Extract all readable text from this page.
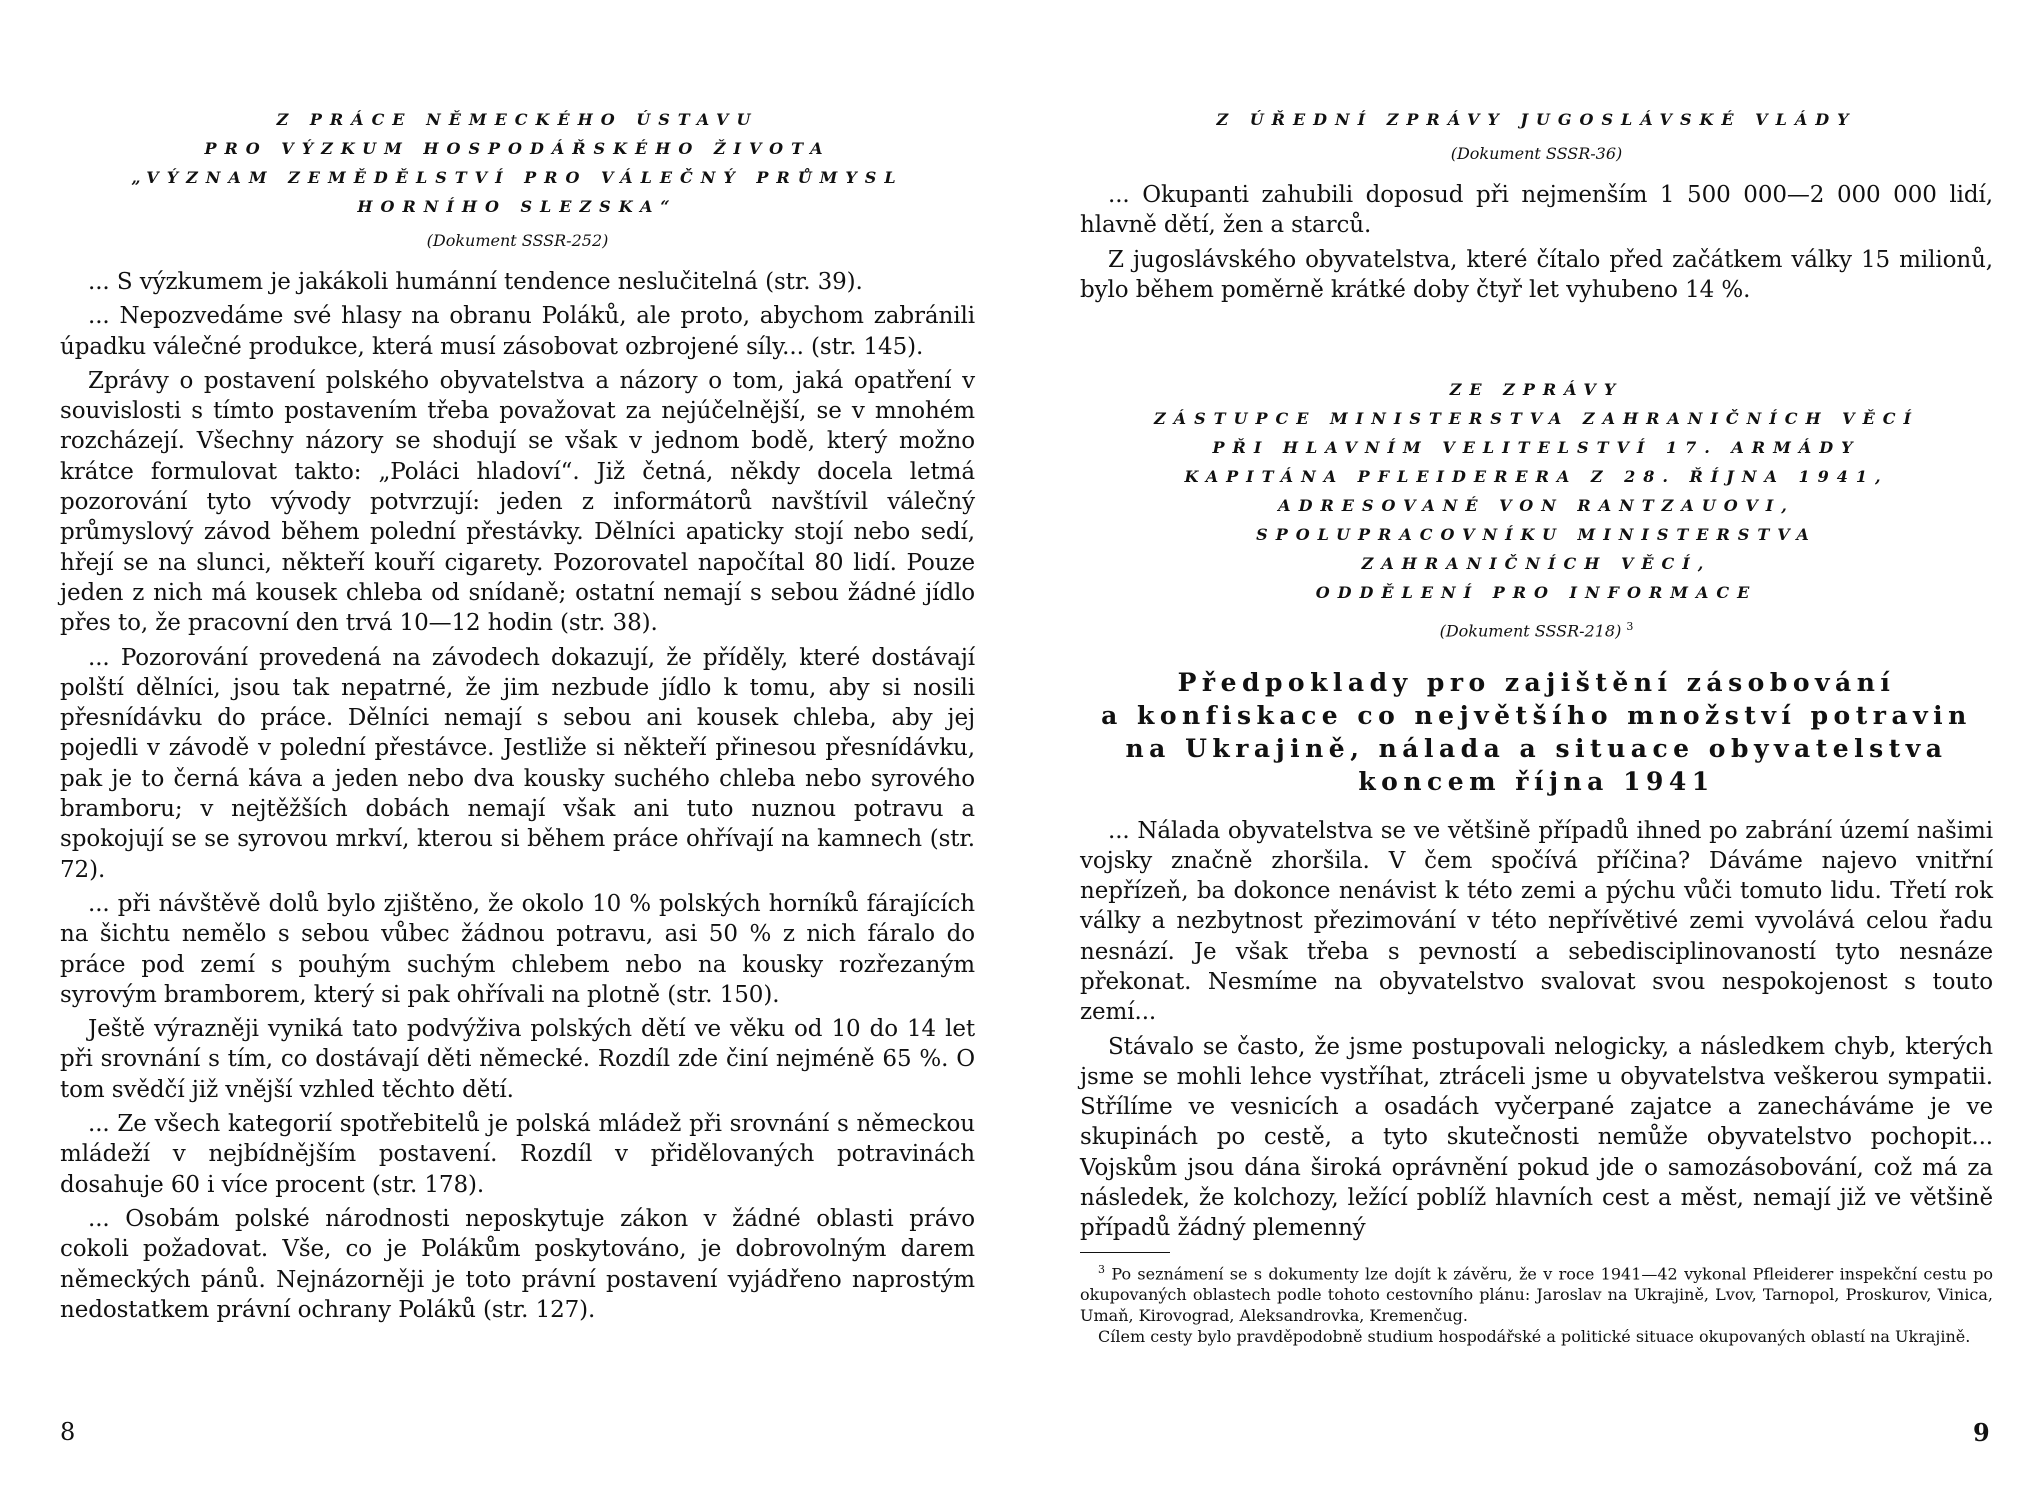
Z PRÁCE NĚMECKÉHO ÚSTAVU

PRO VÝZKUM HOSPODÁŘSKÉHO ŽIVOTA

„VÝZNAM ZEMĚDĚLSTVÍ PRO VÁLEČNÝ PRŮMYSL

HORNÍHO SLEZSKA“

(Dokument SSSR-252)

... S výzkumem je jakákoli humánní tendence neslučitelná (str. 39).

... Nepozvedáme své hlasy na obranu Poláků, ale proto, abychom zabránili úpadku válečné produkce, která musí zásobovat ozbrojené síly... (str. 145).

Zprávy o postavení polského obyvatelstva a názory o tom, jaká opatření v souvislosti s tímto postavením třeba považovat za nejúčelnější, se v mnohém rozcházejí. Všechny názory se shodují se však v jednom bodě, který možno krátce formulovat takto: „Poláci hladoví“. Již četná, někdy docela letmá pozorování tyto vývody potvrzují: jeden z informátorů navštívil válečný průmyslový závod během polední přestávky. Dělníci apaticky stojí nebo sedí, hřejí se na slunci, někteří kouří cigarety. Pozorovatel napočítal 80 lidí. Pouze jeden z nich má kousek chleba od snídaně; ostatní nemají s sebou žádné jídlo přes to, že pracovní den trvá 10—12 hodin (str. 38).

... Pozorování provedená na závodech dokazují, že příděly, které dostávají polští dělníci, jsou tak nepatrné, že jim nezbude jídlo k tomu, aby si nosili přesnídávku do práce. Dělníci nemají s sebou ani kousek chleba, aby jej pojedli v závodě v polední přestávce. Jestliže si někteří přinesou přesnídávku, pak je to černá káva a jeden nebo dva kousky suchého chleba nebo syrového bramboru; v nejtěžších dobách nemají však ani tuto nuznou potravu a spokojují se se syrovou mrkví, kterou si během práce ohřívají na kamnech (str. 72).

... při návštěvě dolů bylo zjištěno, že okolo 10 % polských horníků fárajících na šichtu nemělo s sebou vůbec žádnou potravu, asi 50 % z nich fáralo do práce pod zemí s pouhým suchým chlebem nebo na kousky rozřezaným syrovým bramborem, který si pak ohřívali na plotně (str. 150).

Ještě výrazněji vyniká tato podvýživa polských dětí ve věku od 10 do 14 let při srovnání s tím, co dostávají děti německé. Rozdíl zde činí nejméně 65 %. O tom svědčí již vnější vzhled těchto dětí.

... Ze všech kategorií spotřebitelů je polská mládež při srovnání s německou mládeží v nejbídnějším postavení. Rozdíl v přidělovaných potravinách dosahuje 60 i více procent (str. 178).

... Osobám polské národnosti neposkytuje zákon v žádné oblasti právo cokoli požadovat. Vše, co je Polákům poskytováno, je dobrovolným darem německých pánů. Nejnázorněji je toto právní postavení vyjádřeno naprostým nedostatkem právní ochrany Poláků (str. 127).

8

Z ÚŘEDNÍ ZPRÁVY JUGOSLÁVSKÉ VLÁDY

(Dokument SSSR-36)

... Okupanti zahubili doposud při nejmenším 1 500 000—2 000 000 lidí, hlavně dětí, žen a starců.

Z jugoslávského obyvatelstva, které čítalo před začátkem války 15 milionů, bylo během poměrně krátké doby čtyř let vyhubeno 14 %.

ZE ZPRÁVY

ZÁSTUPCE MINISTERSTVA ZAHRANIČNÍCH VĚCÍ

PŘI HLAVNÍM VELITELSTVÍ 17. ARMÁDY

KAPITÁNA PFLEIDERERA Z 28. ŘÍJNA 1941,

ADRESOVANÉ VON RANTZAUOVI,

SPOLUPRACOVNÍKU MINISTERSTVA

ZAHRANIČNÍCH VĚCÍ,

ODDĚLENÍ PRO INFORMACE

(Dokument SSSR-218) $^3$
Předpoklady pro zajištění zásobování
a konfiskace co největšího množství potravin
na Ukrajině, nálada a situace obyvatelstva
koncem října 1941

... Nálada obyvatelstva se ve většině případů ihned po zabrání území našimi vojsky značně zhoršila. V čem spočívá příčina? Dáváme najevo vnitřní nepřízeň, ba dokonce nenávist k této zemi a pýchu vůči tomuto lidu. Třetí rok války a nezbytnost přezimování v této nepřívětivé zemi vyvolává celou řadu nesnází. Je však třeba s pevností a sebedisciplinovaností tyto nesnáze překonat. Nesmíme na obyvatelstvo svalovat svou nespokojenost s touto zemí...

Stávalo se často, že jsme postupovali nelogicky, a následkem chyb, kterých jsme se mohli lehce vystříhat, ztráceli jsme u obyvatelstva veškerou sympatii. Střílíme ve vesnicích a osadách vyčerpané zajatce a zanecháváme je ve skupinách po cestě, a tyto skutečnosti nemůže obyvatelstvo pochopit... Vojskům jsou dána široká oprávnění pokud jde o samozásobování, což má za následek, že kolchozy, ležící poblíž hlavních cest a měst, nemají již ve většině případů žádný plemenný

$^3$ Po seznámení se s dokumenty lze dojít k závěru, že v roce 1941—42 vykonal Pfleiderer inspekční cestu po okupovaných oblastech podle tohoto cestovního plánu: Jaroslav na Ukrajině, Lvov, Tarnopol, Proskurov, Vinica, Umaň, Kirovograd, Aleksandrovka, Kremenčug.

Cílem cesty bylo pravděpodobně studium hospodářské a politické situace okupovaných oblastí na Ukrajině.

9
